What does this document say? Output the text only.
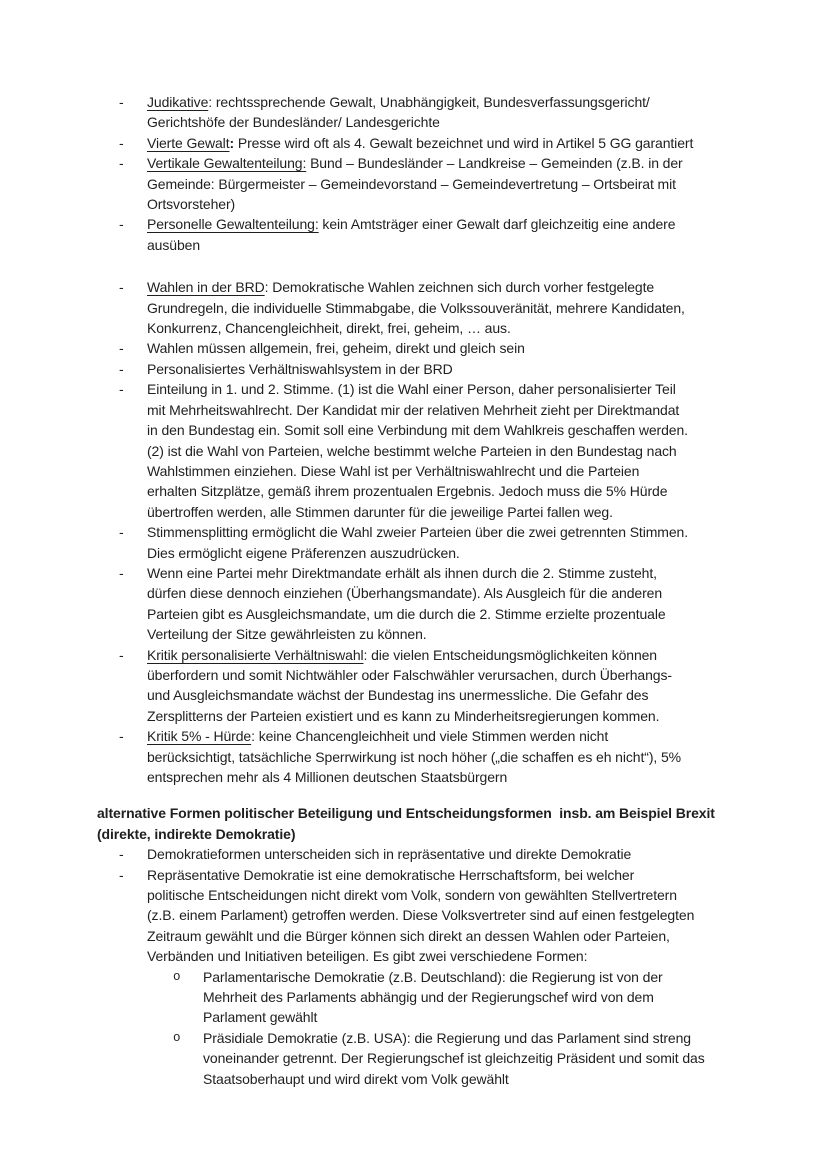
- Judikative: rechtssprechende Gewalt, Unabhängigkeit, Bundesverfassungsgericht/
Gerichtshöfe der Bundesländer/ Landesgerichte
- Vierte Gewalt: Presse wird oft als 4. Gewalt bezeichnet und wird in Artikel 5 GG garantiert
- Vertikale Gewaltenteilung: Bund – Bundesländer – Landkreise – Gemeinden (z.B. in der
Gemeinde: Bürgermeister – Gemeindevorstand – Gemeindevertretung – Ortsbeirat mit
Ortsvorsteher)
- Personelle Gewaltenteilung: kein Amtsträger einer Gewalt darf gleichzeitig eine andere
ausüben
- Wahlen in der BRD: Demokratische Wahlen zeichnen sich durch vorher festgelegte
Grundregeln, die individuelle Stimmabgabe, die Volkssouveränität, mehrere Kandidaten,
Konkurrenz, Chancengleichheit, direkt, frei, geheim, … aus.
- Wahlen müssen allgemein, frei, geheim, direkt und gleich sein
- Personalisiertes Verhältniswahlsystem in der BRD
- Einteilung in 1. und 2. Stimme. (1) ist die Wahl einer Person, daher personalisierter Teil
mit Mehrheitswahlrecht. Der Kandidat mir der relativen Mehrheit zieht per Direktmandat
in den Bundestag ein. Somit soll eine Verbindung mit dem Wahlkreis geschaffen werden.
(2) ist die Wahl von Parteien, welche bestimmt welche Parteien in den Bundestag nach
Wahlstimmen einziehen. Diese Wahl ist per Verhältniswahlrecht und die Parteien
erhalten Sitzplätze, gemäß ihrem prozentualen Ergebnis. Jedoch muss die 5% Hürde
übertroffen werden, alle Stimmen darunter für die jeweilige Partei fallen weg.
- Stimmensplitting ermöglicht die Wahl zweier Parteien über die zwei getrennten Stimmen.
Dies ermöglicht eigene Präferenzen auszudrücken.
- Wenn eine Partei mehr Direktmandate erhält als ihnen durch die 2. Stimme zusteht,
dürfen diese dennoch einziehen (Überhangsmandate). Als Ausgleich für die anderen
Parteien gibt es Ausgleichsmandate, um die durch die 2. Stimme erzielte prozentuale
Verteilung der Sitze gewährleisten zu können.
- Kritik personalisierte Verhältniswahl: die vielen Entscheidungsmöglichkeiten können
überfordern und somit Nichtwähler oder Falschwähler verursachen, durch Überhangs-
und Ausgleichsmandate wächst der Bundestag ins unermessliche. Die Gefahr des
Zersplitterns der Parteien existiert und es kann zu Minderheitsregierungen kommen.
- Kritik 5% - Hürde: keine Chancengleichheit und viele Stimmen werden nicht
berücksichtigt, tatsächliche Sperrwirkung ist noch höher („die schaffen es eh nicht“), 5%
entsprechen mehr als 4 Millionen deutschen Staatsbürgern
alternative Formen politischer Beteiligung und Entscheidungsformen  insb. am Beispiel Brexit
(direkte, indirekte Demokratie)
- Demokratieformen unterscheiden sich in repräsentative und direkte Demokratie
- Repräsentative Demokratie ist eine demokratische Herrschaftsform, bei welcher
politische Entscheidungen nicht direkt vom Volk, sondern von gewählten Stellvertretern
(z.B. einem Parlament) getroffen werden. Diese Volksvertreter sind auf einen festgelegten
Zeitraum gewählt und die Bürger können sich direkt an dessen Wahlen oder Parteien,
Verbänden und Initiativen beteiligen. Es gibt zwei verschiedene Formen:
o Parlamentarische Demokratie (z.B. Deutschland): die Regierung ist von der
Mehrheit des Parlaments abhängig und der Regierungschef wird von dem
Parlament gewählt
o Präsidiale Demokratie (z.B. USA): die Regierung und das Parlament sind streng
voneinander getrennt. Der Regierungschef ist gleichzeitig Präsident und somit das
Staatsoberhaupt und wird direkt vom Volk gewählt
